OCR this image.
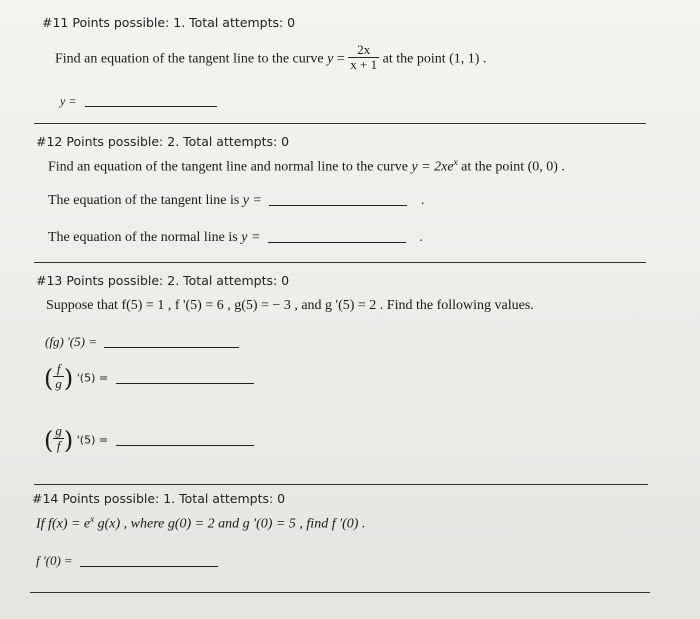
#11 Points possible: 1. Total attempts: 0
Find an equation of the tangent line to the curve $y = \frac{2x}{x + 1}$ at the point (1, 1) .
y =
#12 Points possible: 2. Total attempts: 0
Find an equation of the tangent line and normal line to the curve $y = 2xe^x$ at the point (0, 0) .
The equation of the tangent line is y =	.
The equation of the normal line is y =	.
#13 Points possible: 2. Total attempts: 0
Suppose that f(5) = 1 , f '(5) = 6 , g(5) = − 3 , and g '(5) = 2 . Find the following values.
(fg) '(5) =
( $\frac{f}{g}$ ) '(5) =
( $\frac{g}{f}$ ) '(5) =
#14 Points possible: 1. Total attempts: 0
If $f(x) = e^x$ g(x) , where g(0) = 2 and g '(0) = 5 , find f '(0) .
f '(0) =
